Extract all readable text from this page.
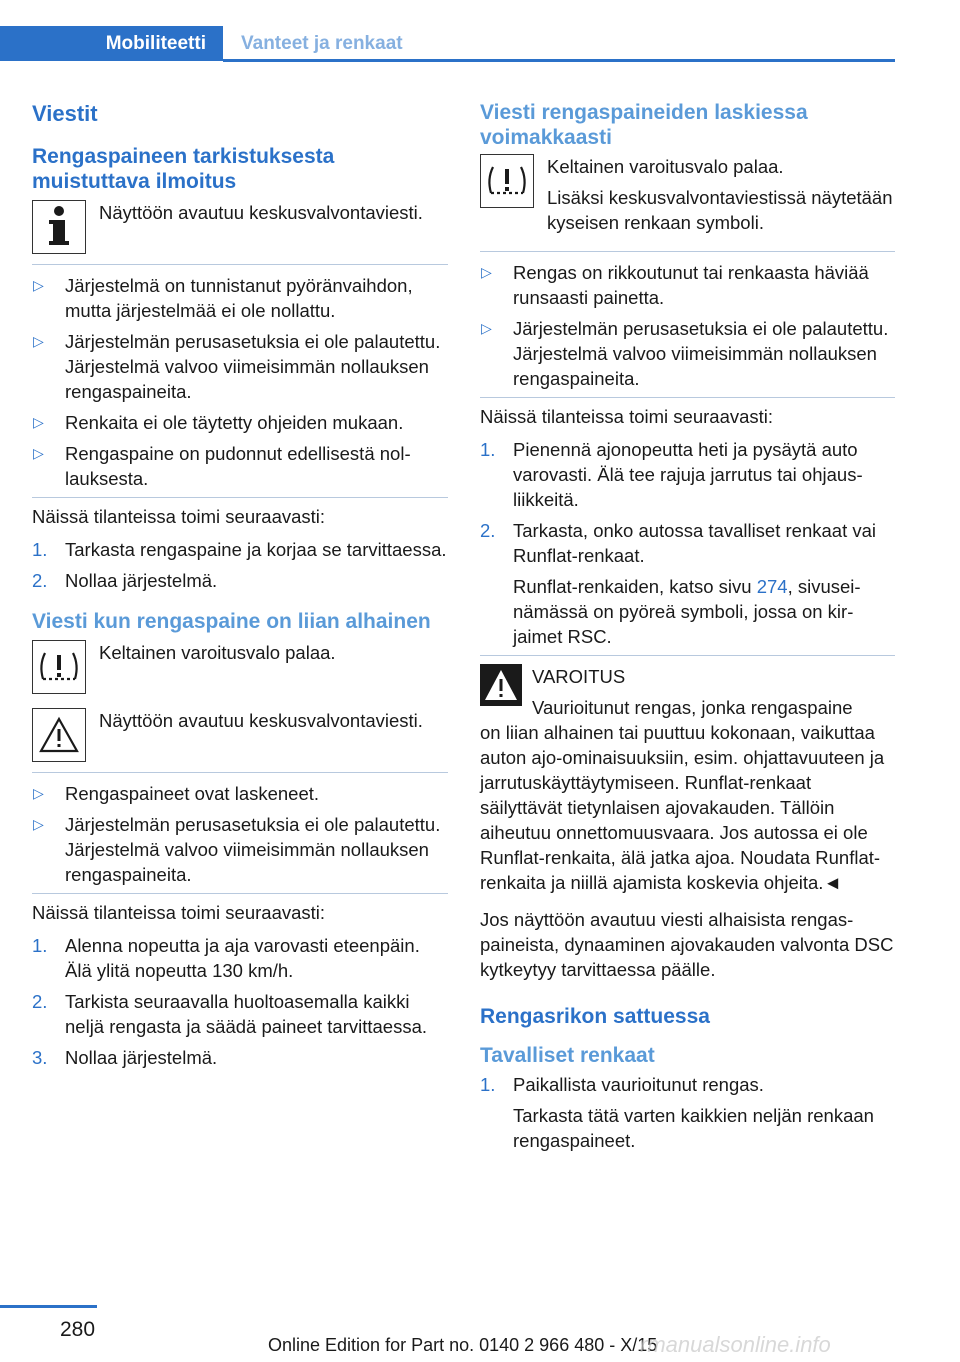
Mobiliteetti Vanteet ja renkaat
Viestit
Rengaspaineen tarkistuksesta muistuttava ilmoitus

Näyttöön avautuu keskusvalvontaviesti.

▷ Järjestelmä on tunnistanut pyöränvaihdon, mutta järjestelmää ei ole nollattu.
▷ Järjestelmän perusasetuksia ei ole palautettu. Järjestelmä valvoo viimeisimmän nollauksen rengaspaineita.
▷ Renkaita ei ole täytetty ohjeiden mukaan.
▷ Rengaspaine on pudonnut edellisestä nollauksesta.

Näissä tilanteissa toimi seuraavasti:

1. Tarkasta rengaspaine ja korjaa se tarvittaessa.
2. Nollaa järjestelmä.
Viesti kun rengaspaine on liian alhainen

Keltainen varoitusvalo palaa.

Näyttöön avautuu keskusvalvontaviesti.

▷ Rengaspaineet ovat laskeneet.
▷ Järjestelmän perusasetuksia ei ole palautettu. Järjestelmä valvoo viimeisimmän nollauksen rengaspaineita.

Näissä tilanteissa toimi seuraavasti:

1. Alenna nopeutta ja aja varovasti eteenpäin. Älä ylitä nopeutta 130 km/h.
2. Tarkista seuraavalla huoltoasemalla kaikki neljä rengasta ja säädä paineet tarvittaessa.
3. Nollaa järjestelmä.
Viesti rengaspaineiden laskiessa voimakkaasti

Keltainen varoitusvalo palaa.

Lisäksi keskusvalvontaviestissä näytetään kyseisen renkaan symboli.

▷ Rengas on rikkoutunut tai renkaasta häviää runsaasti painetta.
▷ Järjestelmän perusasetuksia ei ole palautettu. Järjestelmä valvoo viimeisimmän nollauksen rengaspaineita.

Näissä tilanteissa toimi seuraavasti:

1. Pienennä ajonopeutta heti ja pysäytä auto varovasti. Älä tee rajuja jarrutus tai ohjausliikkeitä.
2. Tarkasta, onko autossa tavalliset renkaat vai Runflat-renkaat.
Runflat-renkaiden, katso sivu 274, sivuseinämässä on pyöreä symboli, jossa on kirjaimet RSC.
VAROITUS
Vaurioitunut rengas, jonka rengaspaine

on liian alhainen tai puuttuu kokonaan, vaikuttaa auton ajo-ominaisuuksiin, esim. ohjattavuuteen ja jarrutuskäyttäytymiseen. Runflat-renkaat säilyttävät tietynlaisen ajovakauden. Tällöin aiheutuu onnettomuusvaara. Jos autossa ei ole Runflat-renkaita, älä jatka ajoa. Noudata Runflat-renkaita ja niillä ajamista koskevia ohjeita.◄

Jos näyttöön avautuu viesti alhaisista rengaspaineista, dynaaminen ajovakauden valvonta DSC kytkeytyy tarvittaessa päälle.

Rengasrikon sattuessa
Tavalliset renkaat
1. Paikallista vaurioitunut rengas.
Tarkasta tätä varten kaikkien neljän renkaan rengaspaineet.
280
Online Edition for Part no. 0140 2 966 480 - X/15
rmanualsonline.info
